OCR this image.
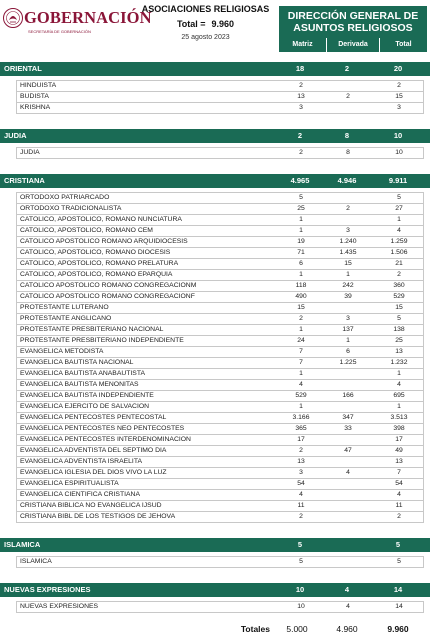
GOBERNACIÓN
SECRETARÍA DE GOBERNACIÓN
ASOCIACIONES RELIGIOSAS
Total = 9.960
25 agosto 2023
DIRECCIÓN GENERAL DE
ASUNTOS RELIGIOSOS
Matriz	Derivada	Total
ORIENTAL	18	2	20
HINDUISTA	2	2
BUDISTA	13	2	15
KRISHNA	3	3
JUDIA	2	8	10
JUDIA	2	8	10
CRISTIANA	4.965	4.946	9.911
ORTODOXO PATRIARCADO	5	5
ORTODOXO TRADICIONALISTA	25	2	27
CATOLICO, APOSTOLICO, ROMANO NUNCIATURA	1	1
CATOLICO, APOSTOLICO, ROMANO CEM	1	3	4
CATOLICO APOSTOLICO ROMANO ARQUIDIOCESIS	19	1.240	1.259
CATOLICO, APOSTOLICO, ROMANO DIOCESIS	71	1.435	1.506
CATOLICO, APOSTOLICO, ROMANO PRELATURA	6	15	21
CATOLICO, APOSTOLICO, ROMANO EPARQUIA	1	1	2
CATOLICO APOSTOLICO ROMANO CONGREGACIONM	118	242	360
CATOLICO APOSTOLICO ROMANO CONGREGACIONF	490	39	529
PROTESTANTE LUTERANO	15	15
PROTESTANTE ANGLICANO	2	3	5
PROTESTANTE PRESBITERIANO NACIONAL	1	137	138
PROTESTANTE PRESBITERIANO INDEPENDIENTE	24	1	25
EVANGELICA METODISTA	7	6	13
EVANGELICA BAUTISTA NACIONAL	7	1.225	1.232
EVANGELICA BAUTISTA ANABAUTISTA	1	1
EVANGELICA BAUTISTA MENONITAS	4	4
EVANGELICA BAUTISTA INDEPENDIENTE	529	166	695
EVANGELICA EJERCITO DE SALVACION	1	1
EVANGELICA PENTECOSTES PENTECOSTAL	3.166	347	3.513
EVANGELICA PENTECOSTES NEO PENTECOSTES	365	33	398
EVANGELICA PENTECOSTES INTERDENOMINACION	17	17
EVANGELICA ADVENTISTA DEL SEPTIMO DIA	2	47	49
EVANGELICA ADVENTISTA ISRAELITA	13	13
EVANGELICA IGLESIA DEL DIOS VIVO LA LUZ	3	4	7
EVANGELICA ESPIRITUALISTA	54	54
EVANGELICA CIENTIFICA CRISTIANA	4	4
CRISTIANA BIBLICA NO EVANGELICA IJSUD	11	11
CRISTIANA BIBL DE LOS TESTIGOS DE JEHOVA	2	2
ISLAMICA	5	5
ISLAMICA	5	5
NUEVAS EXPRESIONES	10	4	14
NUEVAS EXPRESIONES	10	4	14
Totales	5.000	4.960	9.960
